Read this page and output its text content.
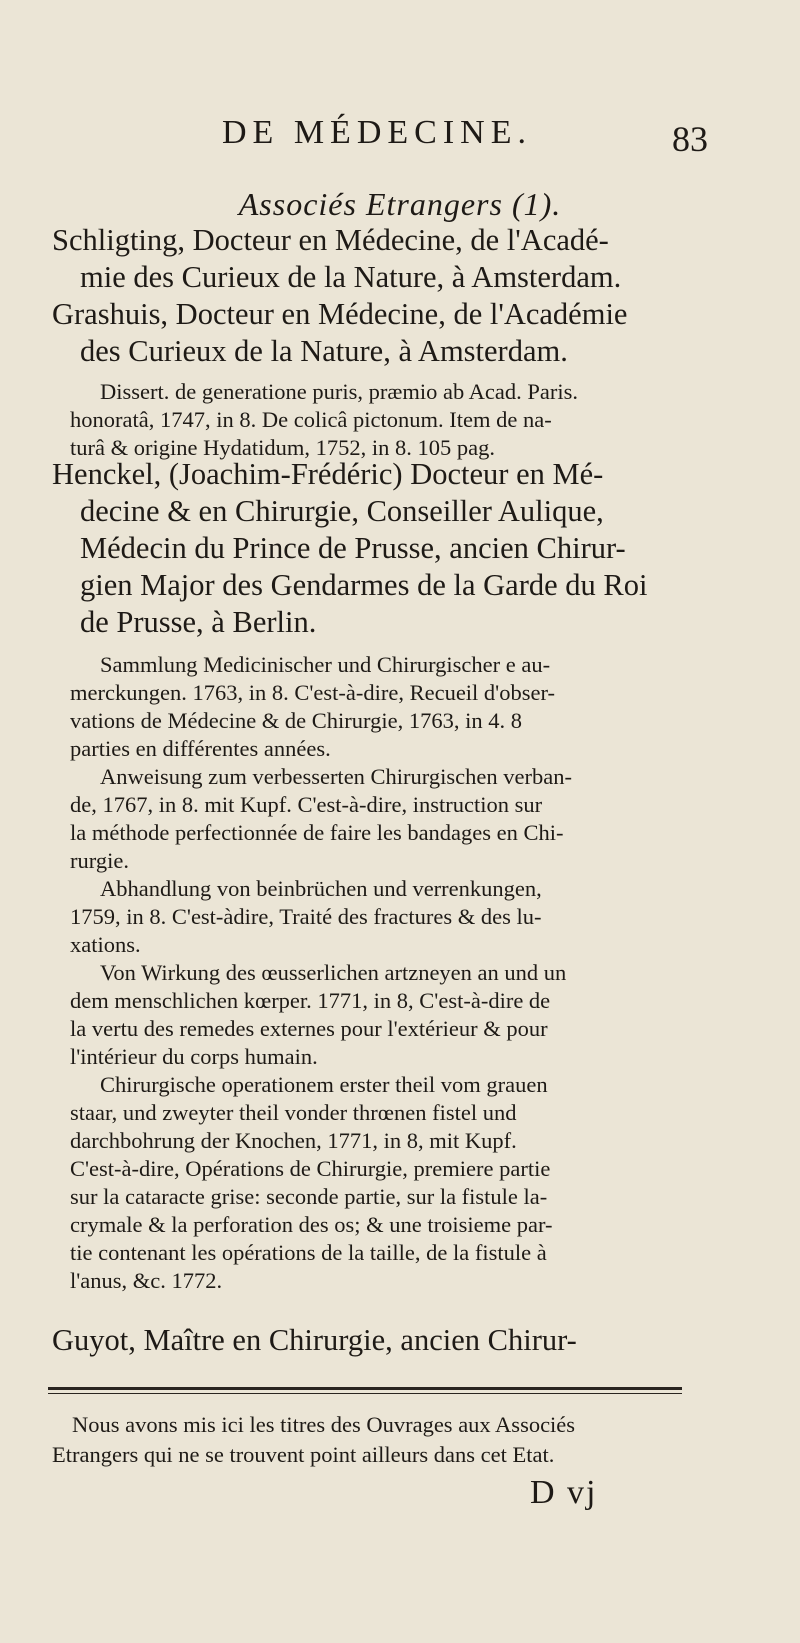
DE MÉDECINE.	83
Associés Etrangers (1).
Schligting, Docteur en Médecine, de l'Acadé-
mie des Curieux de la Nature, à Amsterdam.
Grashuis, Docteur en Médecine, de l'Académie
des Curieux de la Nature, à Amsterdam.
Dissert. de generatione puris, præmio ab Acad. Paris.
honoratâ, 1747, in 8. De colicâ pictonum. Item de na-
turâ & origine Hydatidum, 1752, in 8. 105 pag.
Henckel, (Joachim-Frédéric) Docteur en Mé-
decine & en Chirurgie, Conseiller Aulique,
Médecin du Prince de Prusse, ancien Chirur-
gien Major des Gendarmes de la Garde du Roi
de Prusse, à Berlin.
Sammlung Medicinischer und Chirurgischer e au-
merckungen. 1763, in 8. C'est-à-dire, Recueil d'obser-
vations de Médecine & de Chirurgie, 1763, in 4. 8
parties en différentes années.
Anweisung zum verbesserten Chirurgischen verban-
de, 1767, in 8. mit Kupf. C'est-à-dire, instruction sur
la méthode perfectionnée de faire les bandages en Chi-
rurgie.
Abhandlung von beinbrüchen und verrenkungen,
1759, in 8. C'est-àdire, Traité des fractures & des lu-
xations.
Von Wirkung des œusserlichen artzneyen an und un
dem menschlichen kœrper. 1771, in 8, C'est-à-dire de
la vertu des remedes externes pour l'extérieur & pour
l'intérieur du corps humain.
Chirurgische operationem erster theil vom grauen
staar, und zweyter theil vonder thrœnen fistel und
darchbohrung der Knochen, 1771, in 8, mit Kupf.
C'est-à-dire, Opérations de Chirurgie, premiere partie
sur la cataracte grise: seconde partie, sur la fistule la-
crymale & la perforation des os; & une troisieme par-
tie contenant les opérations de la taille, de la fistule à
l'anus, &c. 1772.
Guyot, Maître en Chirurgie, ancien Chirur-
Nous avons mis ici les titres des Ouvrages aux Associés
Etrangers qui ne se trouvent point ailleurs dans cet Etat.
D vj
